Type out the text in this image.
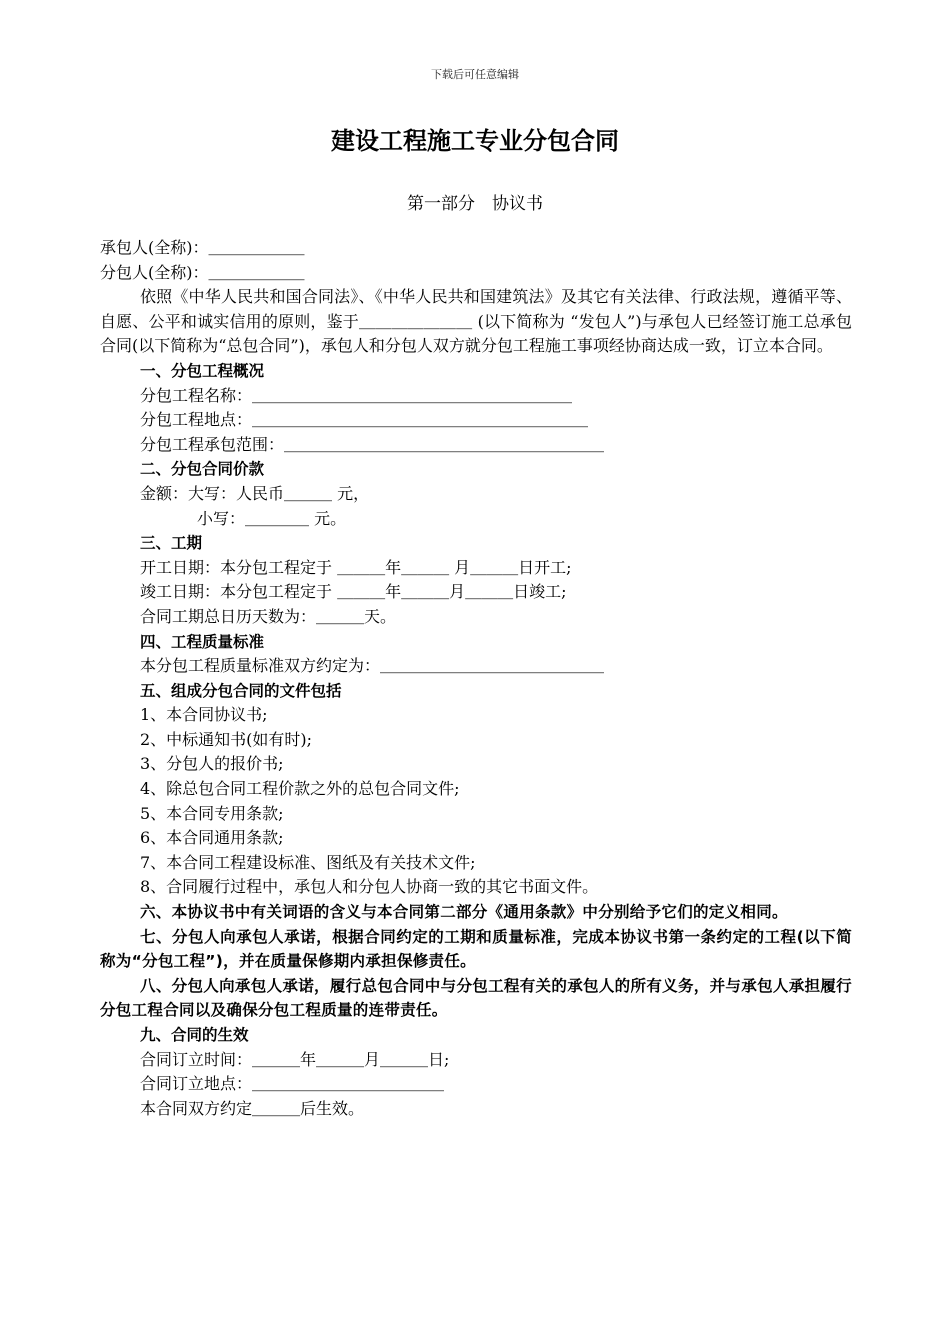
下载后可任意编辑
建设工程施工专业分包合同
第一部分　协议书

承包人(全称)：＿＿＿＿＿＿

分包人(全称)：＿＿＿＿＿＿

依照《中华人民共和国合同法》、《中华人民共和国建筑法》及其它有关法律、行政法规，遵循平等、 自愿、公平和诚实信用的原则，鉴于＿＿＿＿＿＿＿ (以下简称为 “发包人”)与承包人已经签订施工总承包合同(以下简称为“总包合同”)，承包人和分包人双方就分包工程施工事项经协商达成一致，订立本合同。

一、分包工程概况

分包工程名称：＿＿＿＿＿＿＿＿＿＿＿＿＿＿＿＿＿＿＿＿

分包工程地点：＿＿＿＿＿＿＿＿＿＿＿＿＿＿＿＿＿＿＿＿＿

分包工程承包范围：＿＿＿＿＿＿＿＿＿＿＿＿＿＿＿＿＿＿＿＿

二、分包合同价款

金额：大写：人民币＿＿＿ 元，

小写：＿＿＿＿ 元。

三、工期

开工日期：本分包工程定于 ＿＿＿年＿＿＿ 月＿＿＿日开工;

竣工日期：本分包工程定于 ＿＿＿年＿＿＿月＿＿＿日竣工;

合同工期总日历天数为：＿＿＿天。

四、工程质量标准

本分包工程质量标准双方约定为：＿＿＿＿＿＿＿＿＿＿＿＿＿＿

五、组成分包合同的文件包括

1、本合同协议书;

2、中标通知书(如有时);

3、分包人的报价书;

4、除总包合同工程价款之外的总包合同文件;

5、本合同专用条款;

6、本合同通用条款;

7、本合同工程建设标准、图纸及有关技术文件;

8、合同履行过程中，承包人和分包人协商一致的其它书面文件。

六、本协议书中有关词语的含义与本合同第二部分《通用条款》中分别给予它们的定义相同。

七、分包人向承包人承诺，根据合同约定的工期和质量标准，完成本协议书第一条约定的工程(以下简称为“分包工程”)，并在质量保修期内承担保修责任。

八、分包人向承包人承诺，履行总包合同中与分包工程有关的承包人的所有义务，并与承包人承担履行分包工程合同以及确保分包工程质量的连带责任。

九、合同的生效

合同订立时间：＿＿＿年＿＿＿月＿＿＿日;

合同订立地点：＿＿＿＿＿＿＿＿＿＿＿＿

本合同双方约定＿＿＿后生效。
